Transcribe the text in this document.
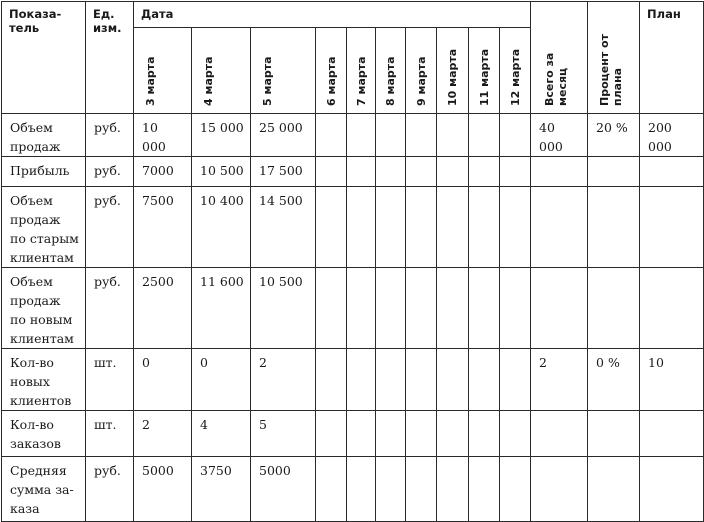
Показа-тель	Ед. изм.	Дата										Всего за месяц	Процент от плана	План

		3 марта	4 марта	5 марта	6 марта	7 марта	8 марта	9 марта	10 марта	11 марта	12 марта			

Объем продаж	руб.	10 000	15 000	25 000								40 000	20 %	200 000
Прибыль	руб.	7000	10 500	17 500										
Объем продаж по старым клиентам	руб.	7500	10 400	14 500										
Объем продаж по новым клиентам	руб.	2500	11 600	10 500										
Кол-во новых клиентов	шт.	0	0	2								2	0 %	10
Кол-во заказов	шт.	2	4	5										
Средняя сумма за-каза	руб.	5000	3750	5000										
